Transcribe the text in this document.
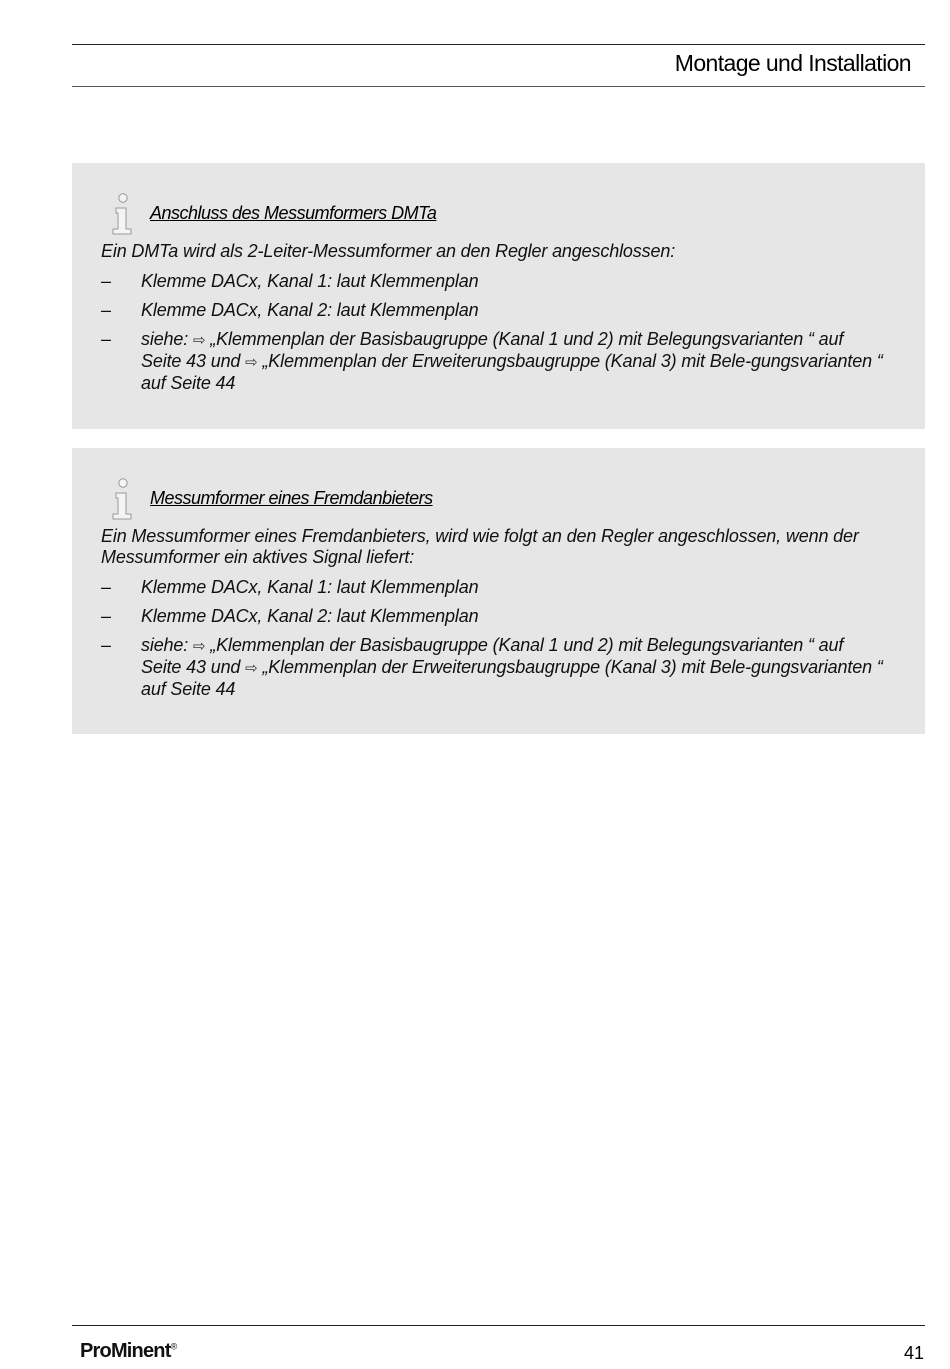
Montage und Installation
Anschluss des Messumformers DMTa

Ein DMTa wird als 2-Leiter-Messumformer an den Regler angeschlossen:

– Klemme DACx, Kanal 1: laut Klemmenplan
– Klemme DACx, Kanal 2: laut Klemmenplan
– siehe: ⇨ „Klemmenplan der Basisbaugruppe (Kanal 1 und 2) mit Belegungsvarianten “ auf Seite 43 und ⇨ „Klemmenplan der Erweiterungsbaugruppe (Kanal 3) mit Bele-gungsvarianten “ auf Seite 44
Messumformer eines Fremdanbieters

Ein Messumformer eines Fremdanbieters, wird wie folgt an den Regler angeschlossen, wenn der Messumformer ein aktives Signal liefert:

– Klemme DACx, Kanal 1: laut Klemmenplan
– Klemme DACx, Kanal 2: laut Klemmenplan
– siehe: ⇨ „Klemmenplan der Basisbaugruppe (Kanal 1 und 2) mit Belegungsvarianten “ auf Seite 43 und ⇨ „Klemmenplan der Erweiterungsbaugruppe (Kanal 3) mit Bele-gungsvarianten “ auf Seite 44
ProMinent®	41
